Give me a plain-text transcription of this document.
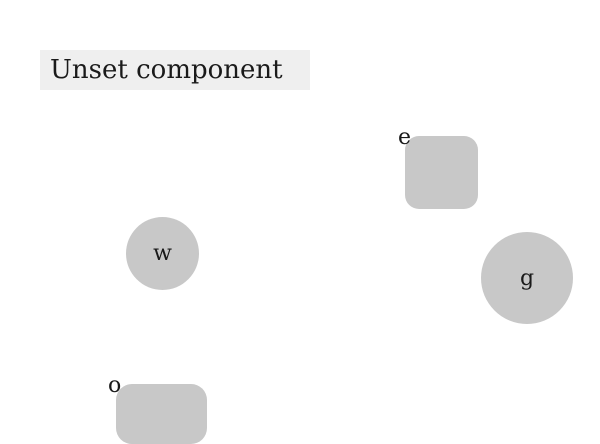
Unset component
e
w
g
o
